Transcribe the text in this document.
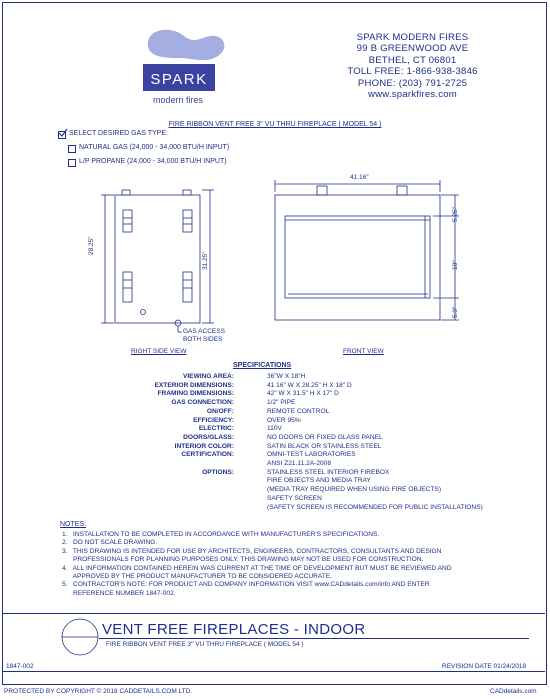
SPARK
modern fires
SPARK MODERN FIRES
99 B GREENWOOD AVE
BETHEL, CT 06801
TOLL FREE: 1-866-938-3846
PHONE: (203) 791-2725
www.sparkfires.com
FIRE RIBBON VENT FREE 3" VU THRU FIREPLACE ( MODEL 54 )
SELECT DESIRED GAS TYPE:
NATURAL GAS (24,000 - 34,000 BTU/H INPUT)
L/P PROPANE (24,000 - 34,000 BTU/H INPUT)
28.25"
31.25"
GAS ACCESS
BOTH SIDES
RIGHT SIDE VIEW
41.16"
5.25"
18"
5.0"
FRONT VIEW
SPECIFICATIONS
VIEWING AREA:	36"W X 18"H
EXTERIOR DIMENSIONS:	41 16" W X 28.25" H X 18" D
FRAMING DIMENSIONS:	42" W X 31.5" H X 17" D
GAS CONNECTION:	1/2" PIPE
ON/OFF:	REMOTE CONTROL
EFFICIENCY:	OVER 95%
ELECTRIC:	110V
DOORS/GLASS:	NO DOORS OR FIXED GLASS PANEL
INTERIOR COLOR:	SATIN BLACK OR STAINLESS STEEL
CERTIFICATION:	OMNI-TEST LABORATORIES
ANSI Z21.11.2A-2008
OPTIONS:	STAINLESS STEEL INTERIOR FIREBOX
FIRE OBJECTS AND MEDIA TRAY
(MEDIA TRAY REQUIRED WHEN USING FIRE OBJECTS)
SAFETY SCREEN
(SAFETY SCREEN IS RECOMMENDED FOR PUBLIC INSTALLATIONS)
NOTES:
1.   INSTALLATION TO BE COMPLETED IN ACCORDANCE WITH MANUFACTURER'S SPECIFICATIONS.
2.   DO NOT SCALE DRAWING.
3.   THIS DRAWING IS INTENDED FOR USE BY ARCHITECTS, ENGINEERS, CONTRACTORS, CONSULTANTS AND DESIGN
PROFESSIONALS FOR PLANNING PURPOSES ONLY. THIS DRAWING MAY NOT BE USED FOR CONSTRUCTION.
4.   ALL INFORMATION CONTAINED HEREIN WAS CURRENT AT THE TIME OF DEVELOPMENT BUT MUST BE REVIEWED AND
APPROVED BY THE PRODUCT MANUFACTURER TO BE CONSIDERED ACCURATE.
5.   CONTRACTOR'S NOTE: FOR PRODUCT AND COMPANY INFORMATION VISIT www.CADdetails.com/info AND ENTER
REFERENCE NUMBER 1847-002.
VENT FREE FIREPLACES - INDOOR
FIRE RIBBON VENT FREE 3" VU THRU FIREPLACE ( MODEL 54 )
1847-002	REVISION DATE 01/24/2018
PROTECTED BY COPYRIGHT © 2018 CADDETAILS.COM LTD.	CADdetails.com
